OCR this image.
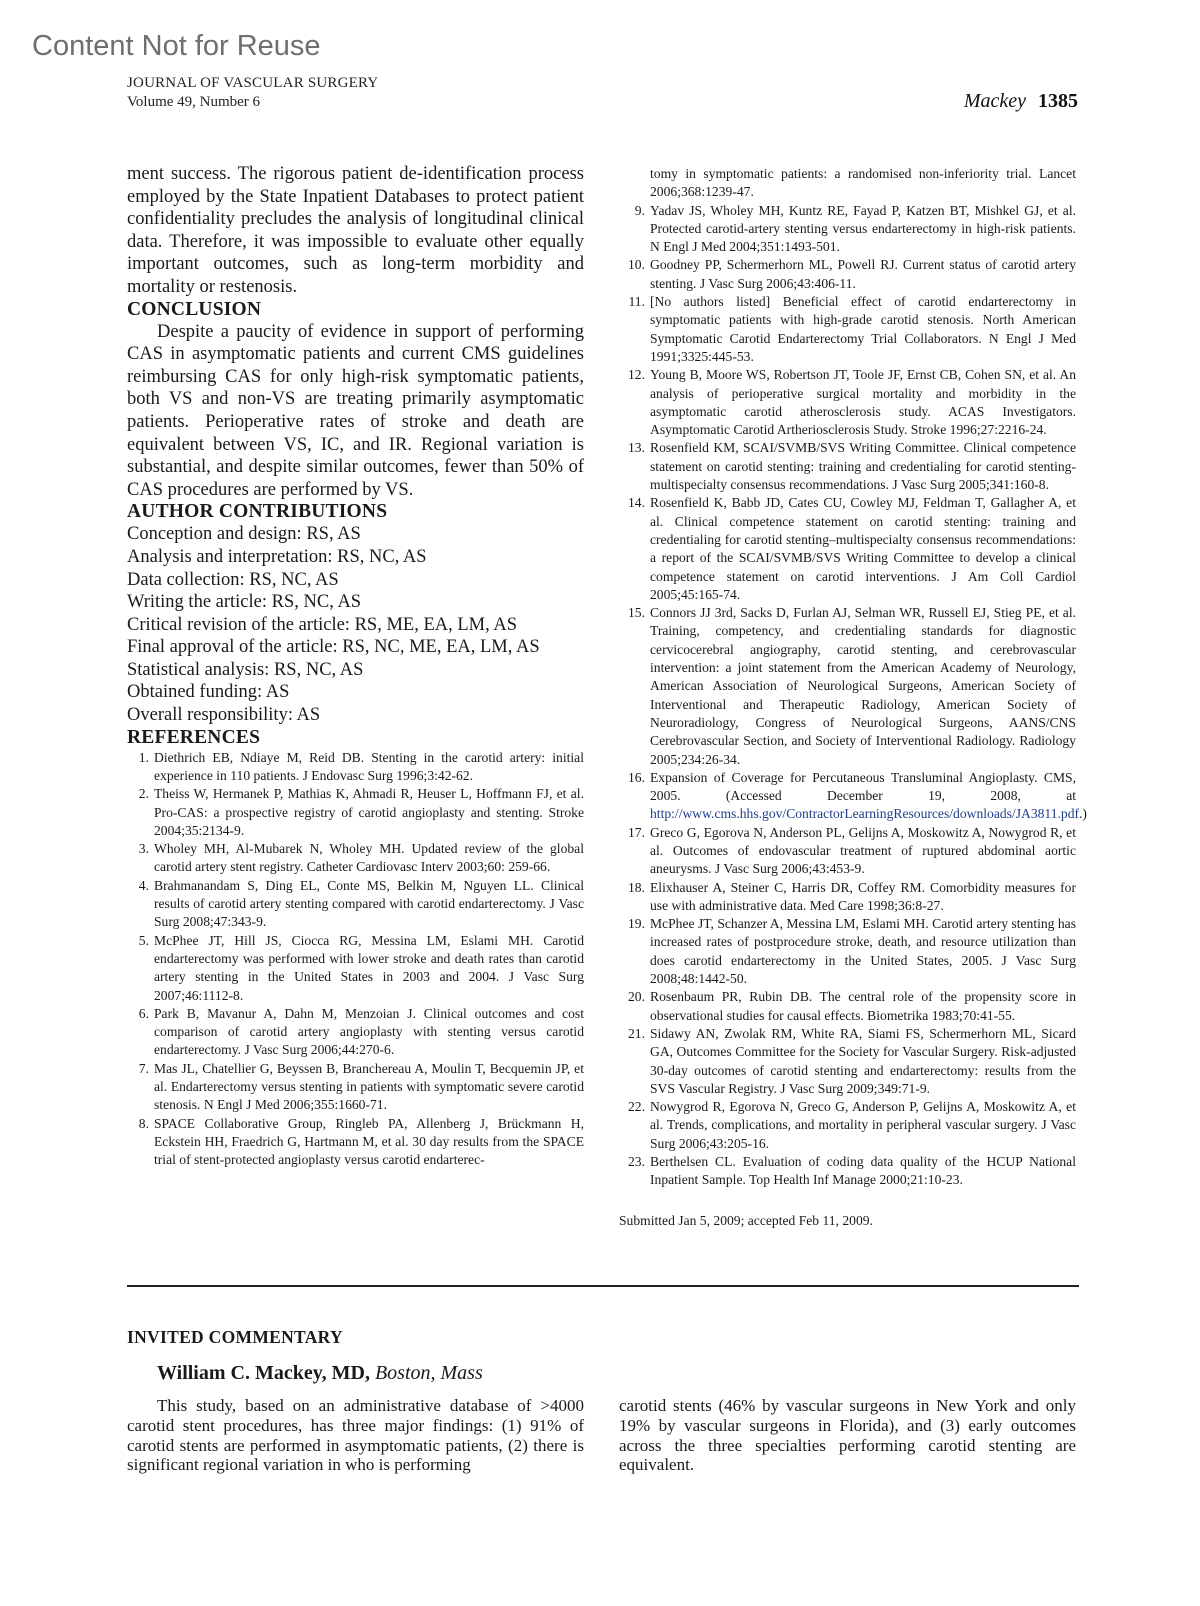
Content Not for Reuse
JOURNAL OF VASCULAR SURGERY
Volume 49, Number 6	Mackey 1385

ment success. The rigorous patient de-identification process employed by the State Inpatient Databases to protect patient confidentiality precludes the analysis of longitudinal clinical data. Therefore, it was impossible to evaluate other equally important outcomes, such as long-term morbidity and mortality or restenosis.

CONCLUSION

Despite a paucity of evidence in support of performing CAS in asymptomatic patients and current CMS guidelines reimbursing CAS for only high-risk symptomatic patients, both VS and non-VS are treating primarily asymptomatic patients. Perioperative rates of stroke and death are equivalent between VS, IC, and IR. Regional variation is substantial, and despite similar outcomes, fewer than 50% of CAS procedures are performed by VS.

AUTHOR CONTRIBUTIONS
Conception and design: RS, AS
Analysis and interpretation: RS, NC, AS
Data collection: RS, NC, AS
Writing the article: RS, NC, AS
Critical revision of the article: RS, ME, EA, LM, AS
Final approval of the article: RS, NC, ME, EA, LM, AS
Statistical analysis: RS, NC, AS
Obtained funding: AS
Overall responsibility: AS
REFERENCES
1. Diethrich EB, Ndiaye M, Reid DB. Stenting in the carotid artery: initial experience in 110 patients. J Endovasc Surg 1996;3:42-62.
2. Theiss W, Hermanek P, Mathias K, Ahmadi R, Heuser L, Hoffmann FJ, et al. Pro-CAS: a prospective registry of carotid angioplasty and stenting. Stroke 2004;35:2134-9.
3. Wholey MH, Al-Mubarek N, Wholey MH. Updated review of the global carotid artery stent registry. Catheter Cardiovasc Interv 2003;60: 259-66.
4. Brahmanandam S, Ding EL, Conte MS, Belkin M, Nguyen LL. Clinical results of carotid artery stenting compared with carotid endarterectomy. J Vasc Surg 2008;47:343-9.
5. McPhee JT, Hill JS, Ciocca RG, Messina LM, Eslami MH. Carotid endarterectomy was performed with lower stroke and death rates than carotid artery stenting in the United States in 2003 and 2004. J Vasc Surg 2007;46:1112-8.
6. Park B, Mavanur A, Dahn M, Menzoian J. Clinical outcomes and cost comparison of carotid artery angioplasty with stenting versus carotid endarterectomy. J Vasc Surg 2006;44:270-6.
7. Mas JL, Chatellier G, Beyssen B, Branchereau A, Moulin T, Becquemin JP, et al. Endarterectomy versus stenting in patients with symptomatic severe carotid stenosis. N Engl J Med 2006;355:1660-71.
8. SPACE Collaborative Group, Ringleb PA, Allenberg J, Brückmann H, Eckstein HH, Fraedrich G, Hartmann M, et al. 30 day results from the SPACE trial of stent-protected angioplasty versus carotid endarterec-

tomy in symptomatic patients: a randomised non-inferiority trial. Lancet 2006;368:1239-47.

9. Yadav JS, Wholey MH, Kuntz RE, Fayad P, Katzen BT, Mishkel GJ, et al. Protected carotid-artery stenting versus endarterectomy in high-risk patients. N Engl J Med 2004;351:1493-501.
10. Goodney PP, Schermerhorn ML, Powell RJ. Current status of carotid artery stenting. J Vasc Surg 2006;43:406-11.
11. [No authors listed] Beneficial effect of carotid endarterectomy in symptomatic patients with high-grade carotid stenosis. North American Symptomatic Carotid Endarterectomy Trial Collaborators. N Engl J Med 1991;3325:445-53.
12. Young B, Moore WS, Robertson JT, Toole JF, Ernst CB, Cohen SN, et al. An analysis of perioperative surgical mortality and morbidity in the asymptomatic carotid atherosclerosis study. ACAS Investigators. Asymptomatic Carotid Artheriosclerosis Study. Stroke 1996;27:2216-24.
13. Rosenfield KM, SCAI/SVMB/SVS Writing Committee. Clinical competence statement on carotid stenting: training and credentialing for carotid stenting-multispecialty consensus recommendations. J Vasc Surg 2005;341:160-8.
14. Rosenfield K, Babb JD, Cates CU, Cowley MJ, Feldman T, Gallagher A, et al. Clinical competence statement on carotid stenting: training and credentialing for carotid stenting–multispecialty consensus recommendations: a report of the SCAI/SVMB/SVS Writing Committee to develop a clinical competence statement on carotid interventions. J Am Coll Cardiol 2005;45:165-74.
15. Connors JJ 3rd, Sacks D, Furlan AJ, Selman WR, Russell EJ, Stieg PE, et al. Training, competency, and credentialing standards for diagnostic cervicocerebral angiography, carotid stenting, and cerebrovascular intervention: a joint statement from the American Academy of Neurology, American Association of Neurological Surgeons, American Society of Interventional and Therapeutic Radiology, American Society of Neuroradiology, Congress of Neurological Surgeons, AANS/CNS Cerebrovascular Section, and Society of Interventional Radiology. Radiology 2005;234:26-34.
16. Expansion of Coverage for Percutaneous Transluminal Angioplasty. CMS, 2005. (Accessed December 19, 2008, at http://www.cms.hhs.gov/ContractorLearningResources/downloads/JA3811.pdf.)
17. Greco G, Egorova N, Anderson PL, Gelijns A, Moskowitz A, Nowygrod R, et al. Outcomes of endovascular treatment of ruptured abdominal aortic aneurysms. J Vasc Surg 2006;43:453-9.
18. Elixhauser A, Steiner C, Harris DR, Coffey RM. Comorbidity measures for use with administrative data. Med Care 1998;36:8-27.
19. McPhee JT, Schanzer A, Messina LM, Eslami MH. Carotid artery stenting has increased rates of postprocedure stroke, death, and resource utilization than does carotid endarterectomy in the United States, 2005. J Vasc Surg 2008;48:1442-50.
20. Rosenbaum PR, Rubin DB. The central role of the propensity score in observational studies for causal effects. Biometrika 1983;70:41-55.
21. Sidawy AN, Zwolak RM, White RA, Siami FS, Schermerhorn ML, Sicard GA, Outcomes Committee for the Society for Vascular Surgery. Risk-adjusted 30-day outcomes of carotid stenting and endarterectomy: results from the SVS Vascular Registry. J Vasc Surg 2009;349:71-9.
22. Nowygrod R, Egorova N, Greco G, Anderson P, Gelijns A, Moskowitz A, et al. Trends, complications, and mortality in peripheral vascular surgery. J Vasc Surg 2006;43:205-16.
23. Berthelsen CL. Evaluation of coding data quality of the HCUP National Inpatient Sample. Top Health Inf Manage 2000;21:10-23.
Submitted Jan 5, 2009; accepted Feb 11, 2009.
INVITED COMMENTARY
William C. Mackey, MD, Boston, Mass

This study, based on an administrative database of >4000 carotid stent procedures, has three major findings: (1) 91% of carotid stents are performed in asymptomatic patients, (2) there is significant regional variation in who is performing

carotid stents (46% by vascular surgeons in New York and only 19% by vascular surgeons in Florida), and (3) early outcomes across the three specialties performing carotid stenting are equivalent.
